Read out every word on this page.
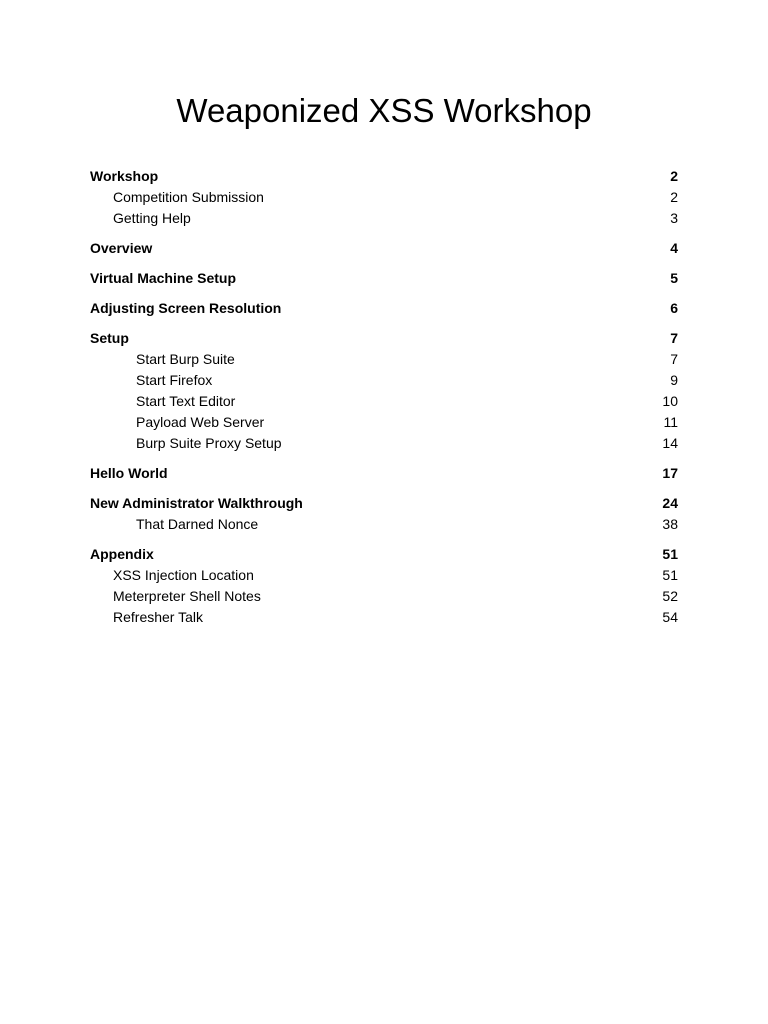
Weaponized XSS Workshop
Workshop	2
Competition Submission	2
Getting Help	3
Overview	4
Virtual Machine Setup	5
Adjusting Screen Resolution	6
Setup	7
Start Burp Suite	7
Start Firefox	9
Start Text Editor	10
Payload Web Server	11
Burp Suite Proxy Setup	14
Hello World	17
New Administrator Walkthrough	24
That Darned Nonce	38
Appendix	51
XSS Injection Location	51
Meterpreter Shell Notes	52
Refresher Talk	54
